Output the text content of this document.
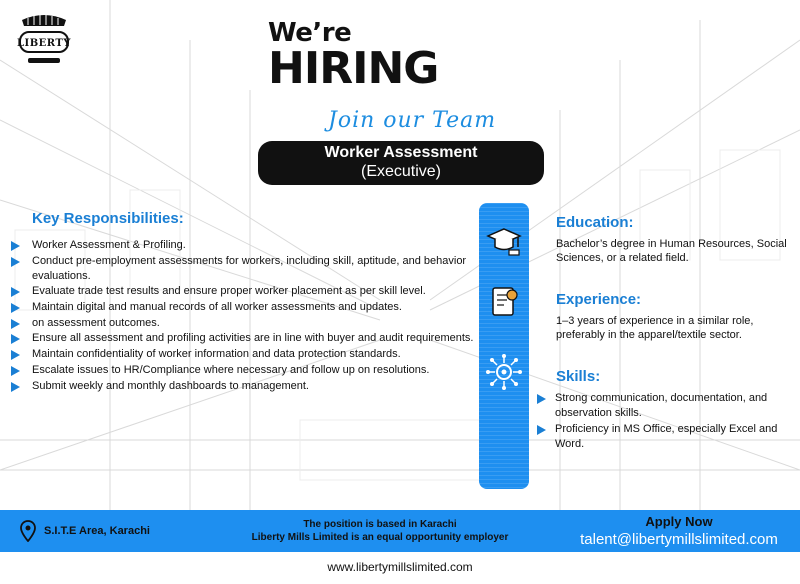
LIBERTY	We’re
HIRING
Join our Team
Worker Assessment
(Executive)
Key Responsibilities:
Worker Assessment & Profiling.
Conduct pre-employment assessments for workers, including skill, aptitude, and behavior evaluations.
Evaluate trade test results and ensure proper worker placement as per skill level.
Maintain digital and manual records of all worker assessments and updates.
on assessment outcomes.
Ensure all assessment and profiling activities are in line with buyer and audit requirements.
Maintain confidentiality of worker information and data protection standards.
Escalate issues to HR/Compliance where necessary and follow up on resolutions.
Submit weekly and monthly dashboards to management.
Education:
Bachelor’s degree in Human Resources, Social Sciences, or a related field.
Experience:
1–3 years of experience in a similar role, preferably in the apparel/textile sector.
Skills:
Strong communication, documentation, and observation skills.
Proficiency in MS Office, especially Excel and Word.
S.I.T.E Area, Karachi
The position is based in Karachi
Liberty Mills Limited is an equal opportunity employer
Apply Now
talent@libertymillslimited.com
www.libertymillslimited.com
